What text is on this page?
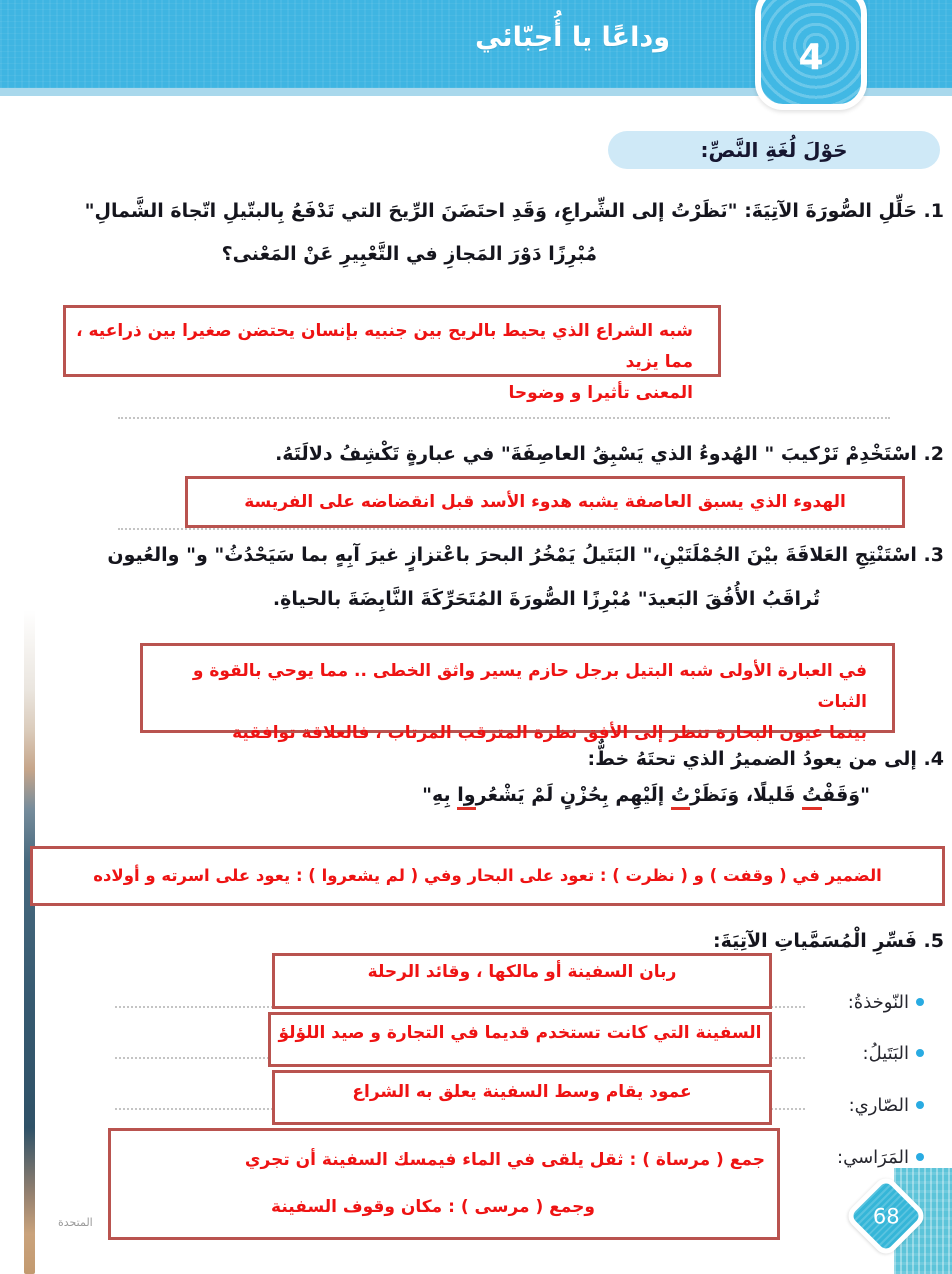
وداعًا يا أُحِبّائي	4
حَوْلَ لُغَةِ النَّصِّ:
1. حَلِّلِ الصُّورَةَ الآتِيَةَ: "نَظَرْتُ إلى الشِّراعِ، وَقَدِ احتَضَنَ الرِّيحَ التي تَدْفَعُ بِالبتّيلِ اتّجاهَ الشَّمالِ"
مُبْرِزًا دَوْرَ المَجازِ في التَّعْبِيرِ عَنْ المَعْنى؟
شبه الشراع الذي يحيط بالريح بين جنبيه بإنسان يحتضن صغيرا بين ذراعيه ، مما يزيد
المعنى تأثيرا و وضوحا
2. اسْتَخْدِمْ تَرْكيبَ " الهُدوءُ الذي يَسْبِقُ العاصِفَةَ" في عبارةٍ تَكْشِفُ دلالَتَهُ.
الهدوء الذي يسبق العاصفة يشبه هدوء الأسد قبل انقضاضه على الفريسة
3. اسْتَنْتِجِ العَلاقَةَ بيْنَ الجُمْلَتَيْنِ،" البَتَيلُ يَمْخُرُ البحرَ باعْتزازٍ غيرَ آبِهٍ بما سَيَحْدُثُ" و" والعُيون
تُراقَبُ الأُفُقَ البَعيدَ" مُبْرِزًا الصُّورَةَ المُتَحَرِّكَةَ النَّابِضَةَ بالحياةِ.
في العبارة الأولى شبه البتيل برجل حازم يسير واثق الخطى .. مما يوحي بالقوة و الثبات
بينما عيون البحارة تنظر إلى الأفق نظرة المترقب المرتاب ، فالعلاقة توافقية
4. إلى من يعودُ الضميرُ الذي تحتَهُ خطٌّ:
"وَقَفْ‍‍تُ قَليلًا، وَنَظَرْتُ إلَيْهِم بِحُزْنٍ لَمْ يَشْعُروا بِهِ"
الضمير في ( وقفت ) و ( نظرت ) : تعود على البحار وفي ( لم يشعروا ) : يعود على اسرته و أولاده
5. فَسِّرِ الْمُسَمَّياتِ الآتِيَةَ:
النّوخذةُ:
البَتَيلُ:
الصّاري:
المَرَاسي:
ربان السفينة أو مالكها ، وقائد الرحلة
السفينة التي كانت تستخدم قديما في التجارة و صيد اللؤلؤ
عمود يقام وسط السفينة يعلق به الشراع
جمع ( مرساة ) : ثقل يلقى في الماء فيمسك السفينة أن تجري
وجمع ( مرسى ) : مكان وقوف السفينة
المتحدة	68
